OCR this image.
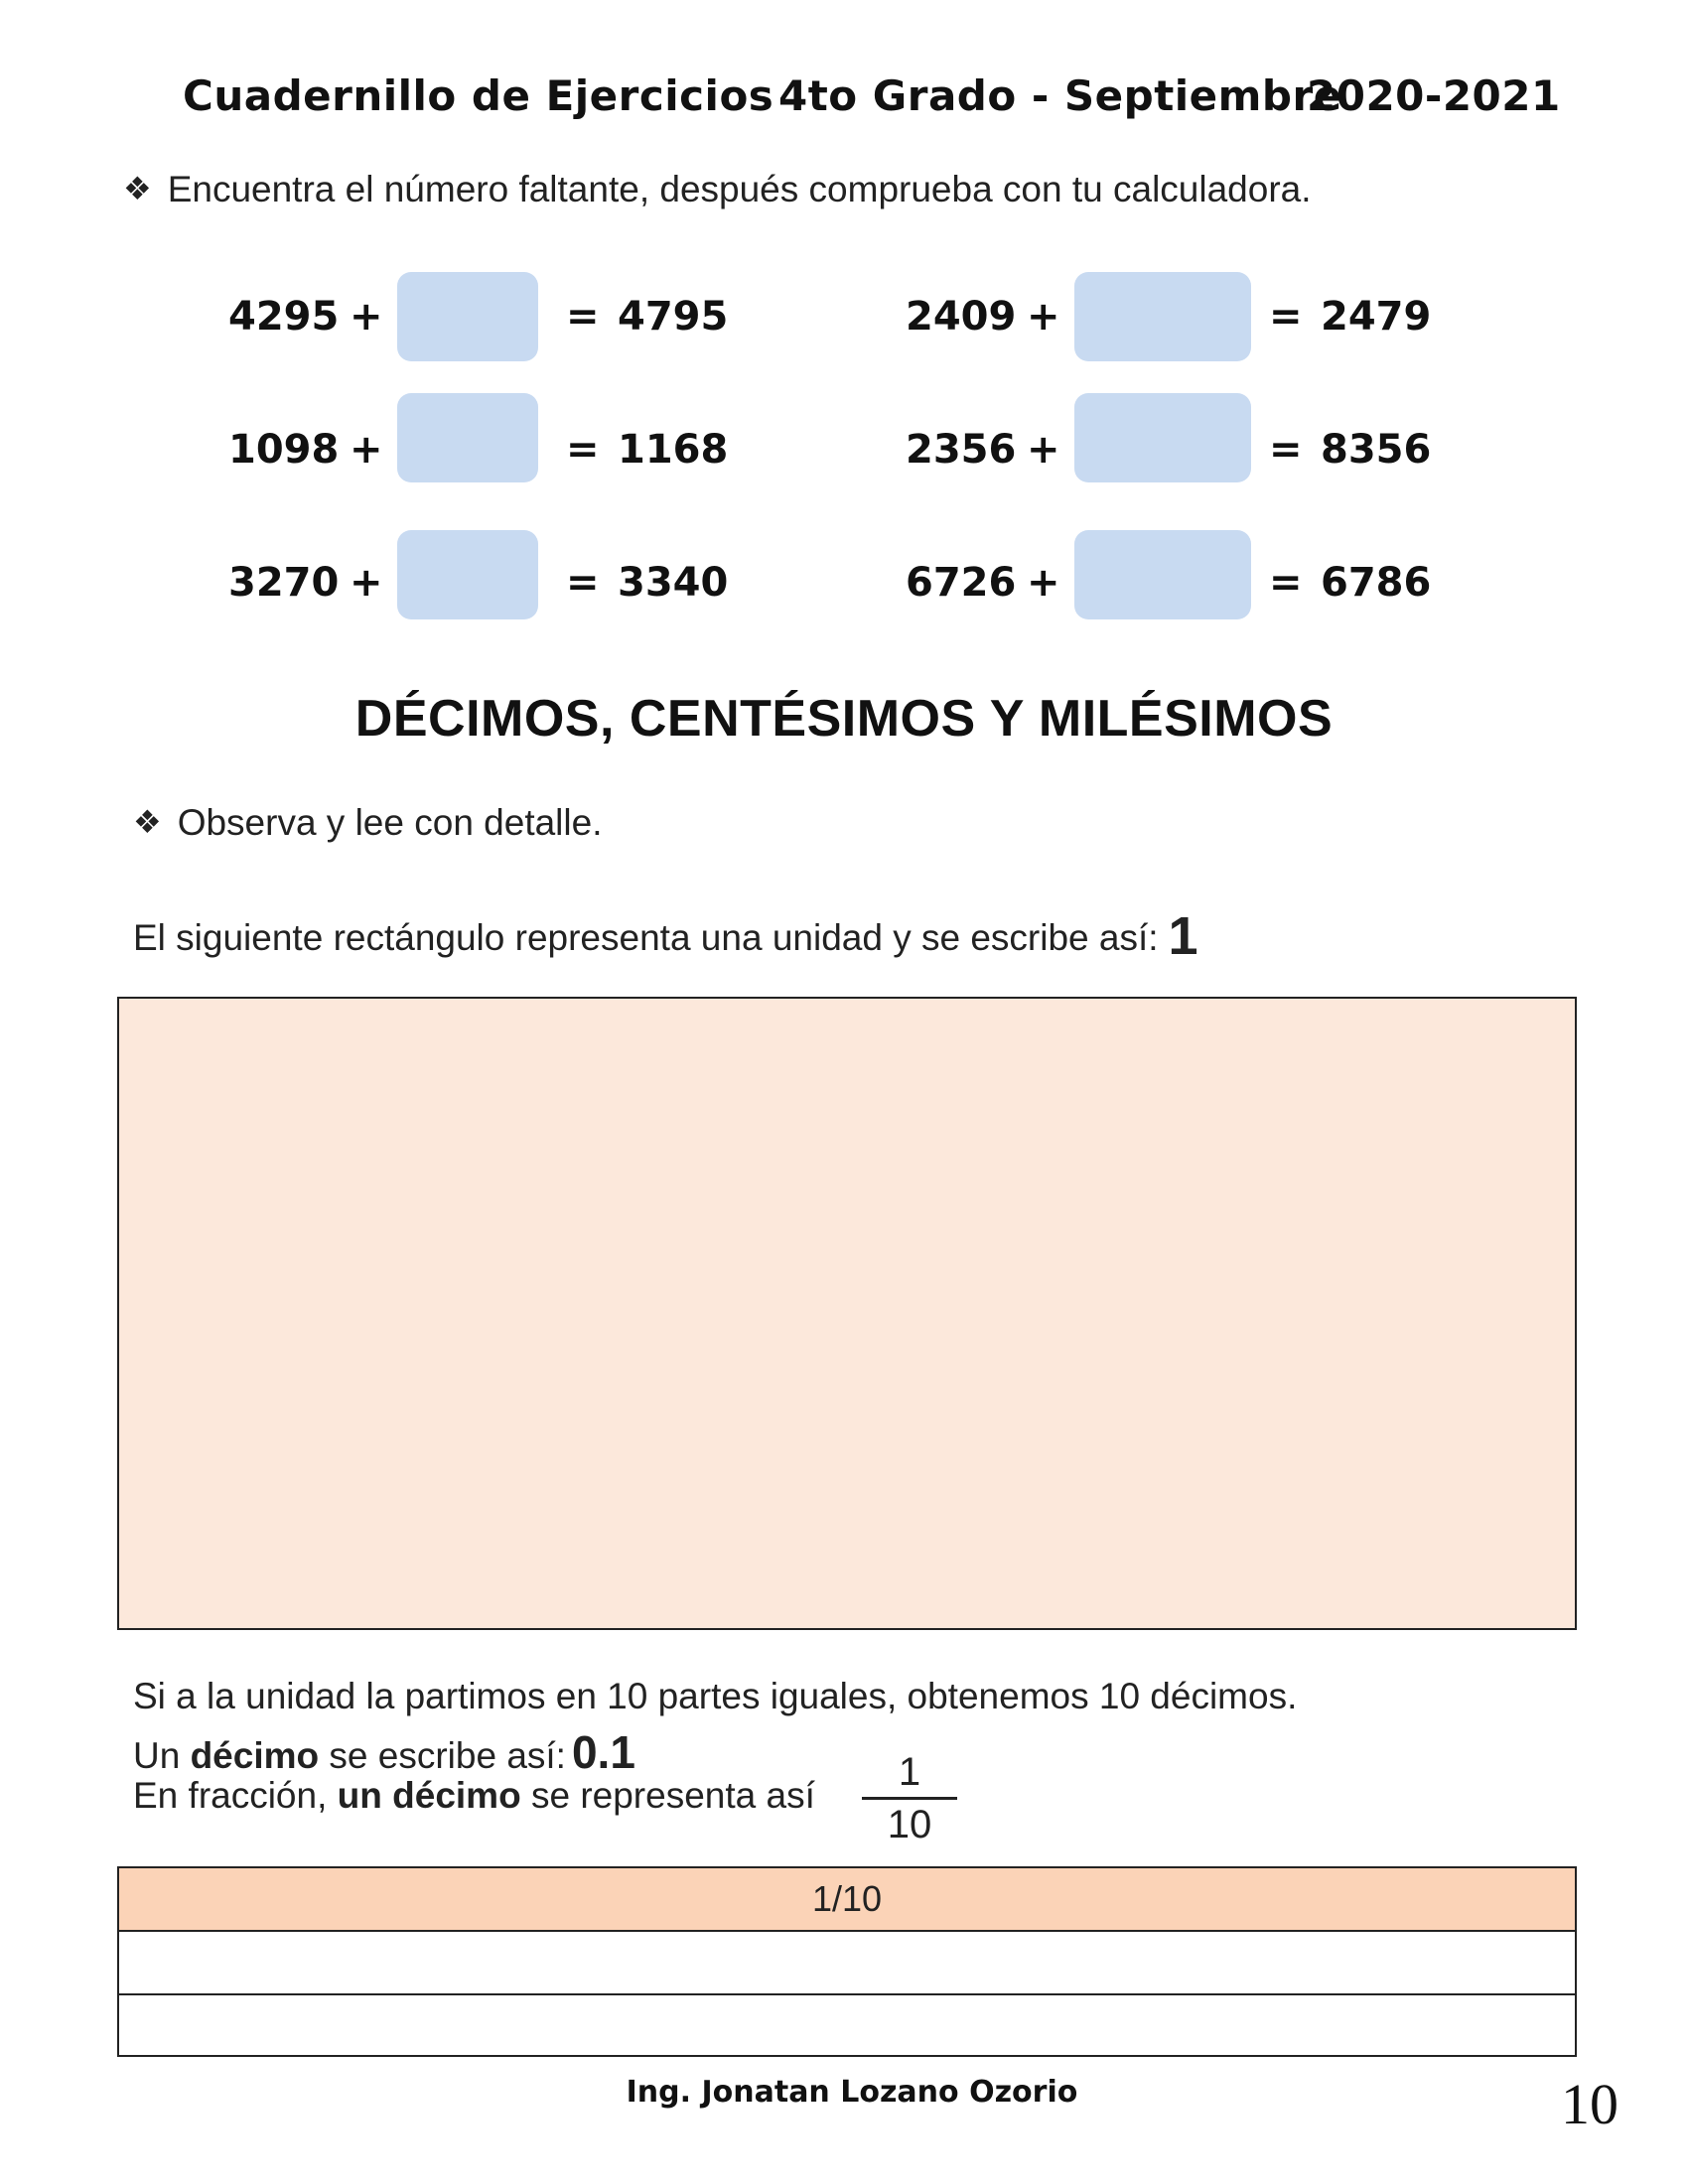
Cuadernillo de Ejercicios 4to Grado - Septiembre
2020-2021
❖ Encuentra el número faltante, después comprueba con tu calculadora.
4295 +	= 4795
1098 +	= 1168
3270 +	= 3340
2409 +	= 2479
2356 +	= 8356
6726 +	= 6786
DÉCIMOS, CENTÉSIMOS Y MILÉSIMOS
❖ Observa y lee con detalle.
El siguiente rectángulo representa una unidad y se escribe así: 1
Si a la unidad la partimos en 10 partes iguales, obtenemos 10 décimos.
Un décimo se escribe así: 0.1
En fracción, un décimo se representa así
1
10
1/10
Ing. Jonatan Lozano Ozorio	10
